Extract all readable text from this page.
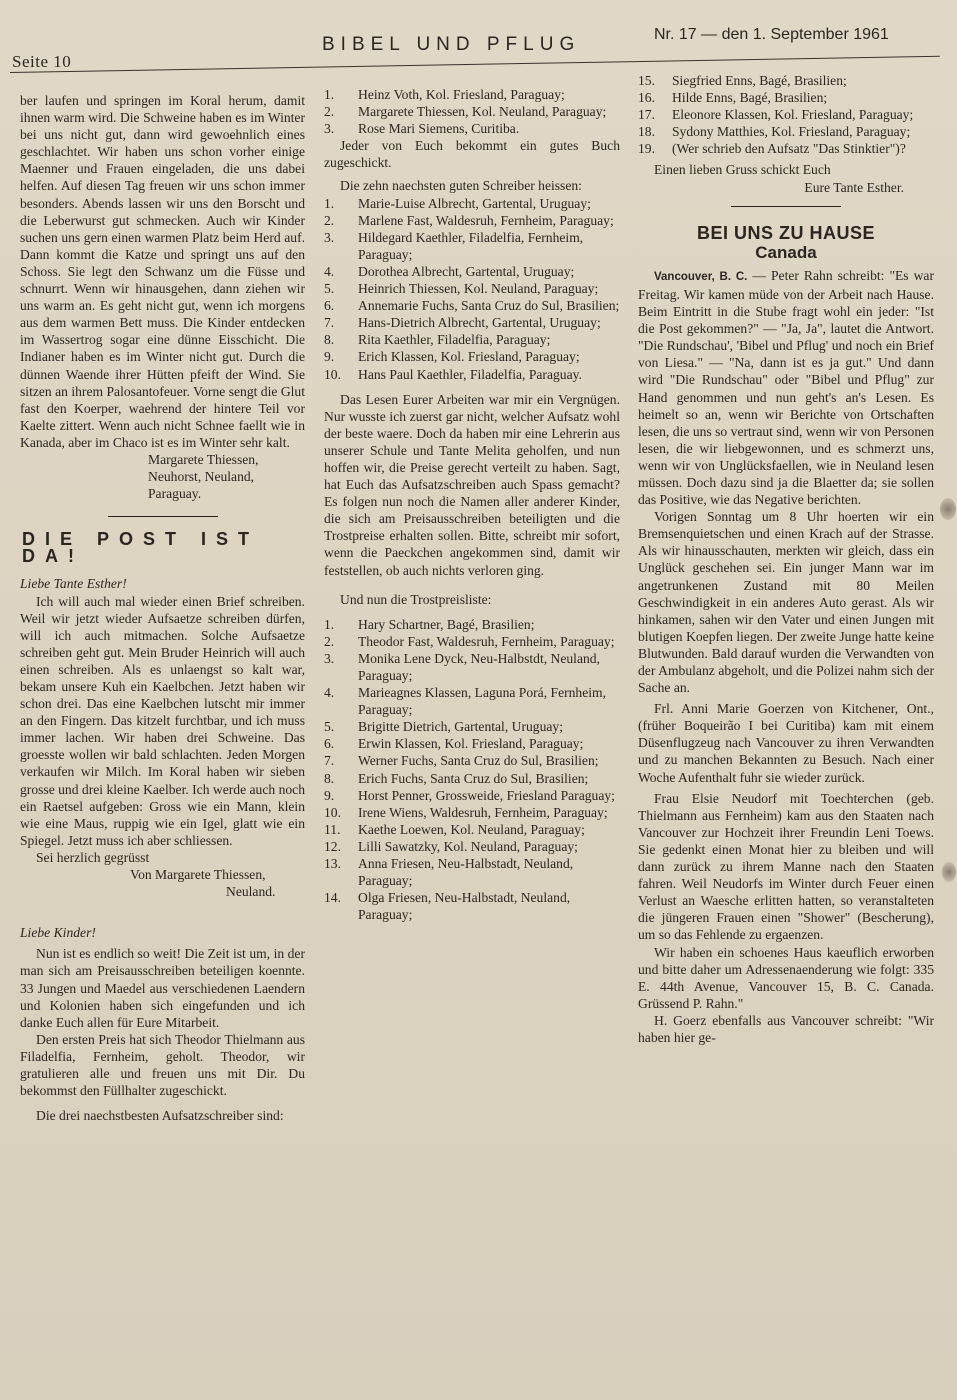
Seite 10
BIBEL UND PFLUG	Nr. 17 — den 1. September 1961

ber laufen und springen im Koral herum, damit ihnen warm wird. Die Schweine haben es im Winter bei uns nicht gut, dann wird gewoehnlich eines geschlachtet. Wir haben uns schon vorher einige Maenner und Frauen eingeladen, die uns dabei helfen. Auf diesen Tag freuen wir uns schon immer besonders. Abends lassen wir uns den Borscht und die Leberwurst gut schmecken. Auch wir Kinder suchen uns gern einen warmen Platz beim Herd auf. Dann kommt die Katze und springt uns auf den Schoss. Sie legt den Schwanz um die Füsse und schnurrt. Wenn wir hinausgehen, dann ziehen wir uns warm an. Es geht nicht gut, wenn ich morgens aus dem warmen Bett muss. Die Kinder entdecken im Wassertrog sogar eine dünne Eisschicht. Die Indianer haben es im Winter nicht gut. Durch die dünnen Waende ihrer Hütten pfeift der Wind. Sie sitzen an ihrem Palosantofeuer. Vorne sengt die Glut fast den Koerper, waehrend der hintere Teil vor Kaelte zittert. Wenn auch nicht Schnee faellt wie in Kanada, aber im Chaco ist es im Winter sehr kalt.

Margarete Thiessen,
Neuhorst, Neuland,
Paraguay.
DIE POST IST DA!

Liebe Tante Esther!

Ich will auch mal wieder einen Brief schreiben. Weil wir jetzt wieder Aufsaetze schreiben dürfen, will ich auch mitmachen. Solche Aufsaetze schreiben geht gut. Mein Bruder Heinrich will auch einen schreiben. Als es unlaengst so kalt war, bekam unsere Kuh ein Kaelbchen. Jetzt haben wir schon drei. Das eine Kaelbchen lutscht mir immer an den Fingern. Das kitzelt furchtbar, und ich muss immer lachen. Wir haben drei Schweine. Das groesste wollen wir bald schlachten. Jeden Morgen verkaufen wir Milch. Im Koral haben wir sieben grosse und drei kleine Kaelber. Ich werde auch noch ein Raetsel aufgeben: Gross wie ein Mann, klein wie eine Maus, ruppig wie ein Igel, glatt wie ein Spiegel. Jetzt muss ich aber schliessen.

Sei herzlich gegrüsst

Von Margarete Thiessen,
Neuland.

Liebe Kinder!

Nun ist es endlich so weit! Die Zeit ist um, in der man sich am Preisausschreiben beteiligen koennte. 33 Jungen und Maedel aus verschiedenen Laendern und Kolonien haben sich eingefunden und ich danke Euch allen für Eure Mitarbeit.

Den ersten Preis hat sich Theodor Thielmann aus Filadelfia, Fernheim, geholt. Theodor, wir gratulieren alle und freuen uns mit Dir. Du bekommst den Füllhalter zugeschickt.

Die drei naechstbesten Aufsatzschreiber sind:

1.	Heinz Voth, Kol. Friesland, Paraguay;
2.	Margarete Thiessen, Kol. Neuland, Paraguay;
3.	Rose Mari Siemens, Curitiba.

Jeder von Euch bekommt ein gutes Buch zugeschickt.

Die zehn naechsten guten Schreiber heissen:

1.	Marie-Luise Albrecht, Gartental, Uruguay;
2.	Marlene Fast, Waldesruh, Fernheim, Paraguay;
3.	Hildegard Kaethler, Filadelfia, Fernheim, Paraguay;
4.	Dorothea Albrecht, Gartental, Uruguay;
5.	Heinrich Thiessen, Kol. Neuland, Paraguay;
6.	Annemarie Fuchs, Santa Cruz do Sul, Brasilien;
7.	Hans-Dietrich Albrecht, Gartental, Uruguay;
8.	Rita Kaethler, Filadelfia, Paraguay;
9.	Erich Klassen, Kol. Friesland, Paraguay;
10.	Hans Paul Kaethler, Filadelfia, Paraguay.

Das Lesen Eurer Arbeiten war mir ein Vergnügen. Nur wusste ich zuerst gar nicht, welcher Aufsatz wohl der beste waere. Doch da haben mir eine Lehrerin aus unserer Schule und Tante Melita geholfen, und nun hoffen wir, die Preise gerecht verteilt zu haben. Sagt, hat Euch das Aufsatzschreiben auch Spass gemacht? Es folgen nun noch die Namen aller anderer Kinder, die sich am Preisausschreiben beteiligten und die Trostpreise erhalten sollen. Bitte, schreibt mir sofort, wenn die Paeckchen angekommen sind, damit wir feststellen, ob auch nichts verloren ging.

Und nun die Trostpreisliste:

1.	Hary Schartner, Bagé, Brasilien;
2.	Theodor Fast, Waldesruh, Fernheim, Paraguay;
3.	Monika Lene Dyck, Neu-Halbstdt, Neuland, Paraguay;
4.	Marieagnes Klassen, Laguna Porá, Fernheim, Paraguay;
5.	Brigitte Dietrich, Gartental, Uruguay;
6.	Erwin Klassen, Kol. Friesland, Paraguay;
7.	Werner Fuchs, Santa Cruz do Sul, Brasilien;
8.	Erich Fuchs, Santa Cruz do Sul, Brasilien;
9.	Horst Penner, Grossweide, Friesland Paraguay;
10.	Irene Wiens, Waldesruh, Fernheim, Paraguay;
11.	Kaethe Loewen, Kol. Neuland, Paraguay;
12.	Lilli Sawatzky, Kol. Neuland, Paraguay;
13.	Anna Friesen, Neu-Halbstadt, Neuland, Paraguay;
14.	Olga Friesen, Neu-Halbstadt, Neuland, Paraguay;
15.	Siegfried Enns, Bagé, Brasilien;
16.	Hilde Enns, Bagé, Brasilien;
17.	Eleonore Klassen, Kol. Friesland, Paraguay;
18.	Sydony Matthies, Kol. Friesland, Paraguay;
19.	(Wer schrieb den Aufsatz "Das Stinktier")?

Einen lieben Gruss schickt Euch

Eure Tante Esther.

BEI UNS ZU HAUSE
Canada

Vancouver, B. C. — Peter Rahn schreibt: "Es war Freitag. Wir kamen müde von der Arbeit nach Hause. Beim Eintritt in die Stube fragt wohl ein jeder: "Ist die Post gekommen?" — "Ja, Ja", lautet die Antwort. "Die Rundschau', 'Bibel und Pflug' und noch ein Brief von Liesa." — "Na, dann ist es ja gut." Und dann wird "Die Rundschau" oder "Bibel und Pflug" zur Hand genommen und nun geht's an's Lesen. Es heimelt so an, wenn wir Berichte von Ortschaften lesen, die uns so vertraut sind, wenn wir von Personen lesen, die wir liebgewonnen, und es schmerzt uns, wenn wir von Unglücksfaellen, wie in Neuland lesen müssen. Doch dazu sind ja die Blaetter da; sie sollen das Positive, wie das Negative berichten.

Vorigen Sonntag um 8 Uhr hoerten wir ein Bremsenquietschen und einen Krach auf der Strasse. Als wir hinausschauten, merkten wir gleich, dass ein Unglück geschehen sei. Ein junger Mann war im angetrunkenen Zustand mit 80 Meilen Geschwindigkeit in ein anderes Auto gerast. Als wir hinkamen, sahen wir den Vater und einen Jungen mit blutigen Koepfen liegen. Der zweite Junge hatte keine Blutwunden. Bald darauf wurden die Verwandten von der Ambulanz abgeholt, und die Polizei nahm sich der Sache an.

Frl. Anni Marie Goerzen von Kitchener, Ont., (früher Boqueirão I bei Curitiba) kam mit einem Düsenflugzeug nach Vancouver zu ihren Verwandten und zu manchen Bekannten zu Besuch. Nach einer Woche Aufenthalt fuhr sie wieder zurück.

Frau Elsie Neudorf mit Toechterchen (geb. Thielmann aus Fernheim) kam aus den Staaten nach Vancouver zur Hochzeit ihrer Freundin Leni Toews. Sie gedenkt einen Monat hier zu bleiben und will dann zurück zu ihrem Manne nach den Staaten fahren. Weil Neudorfs im Winter durch Feuer einen Verlust an Waesche erlitten hatten, so veranstalteten die jüngeren Frauen einen "Shower" (Bescherung), um so das Fehlende zu ergaenzen.

Wir haben ein schoenes Haus kaeuflich erworben und bitte daher um Adressenaenderung wie folgt: 335 E. 44th Avenue, Vancouver 15, B. C. Canada. Grüssend P. Rahn."

H. Goerz ebenfalls aus Vancouver schreibt: "Wir haben hier ge-
